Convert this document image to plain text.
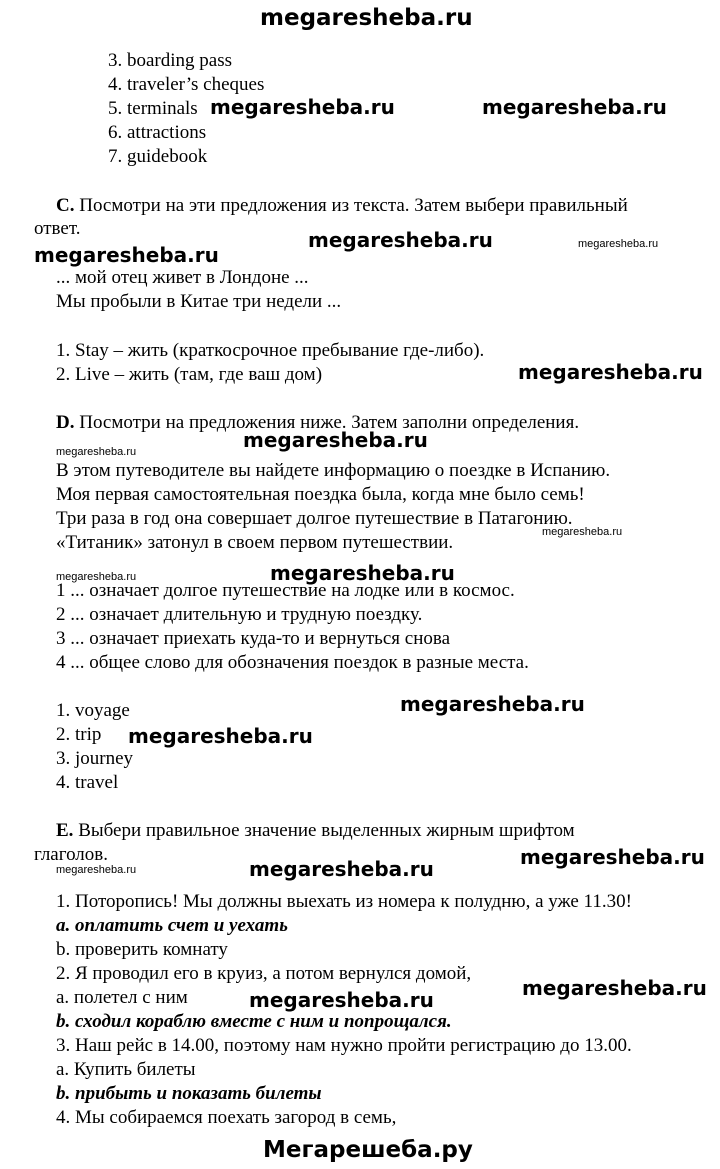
megaresheba.ru
Мегарешеба.ру
3. boarding pass
4. traveler’s cheques
5. terminals
6. attractions
7. guidebook
C. Посмотри на эти предложения из текста. Затем выбери правильный
ответ.
... мой отец живет в Лондоне ...
Мы пробыли в Китае три недели ...
1. Stay – жить (краткосрочное пребывание где-либо).
2. Live – жить (там, где ваш дом)
D. Посмотри на предложения ниже. Затем заполни определения.
В этом путеводителе вы найдете информацию о поездке в Испанию.
Моя первая самостоятельная поездка была, когда мне было семь!
Три раза в год она совершает долгое путешествие в Патагонию.
«Титаник» затонул в своем первом путешествии.
1 ... означает долгое путешествие на лодке или в космос.
2 ... означает длительную и трудную поездку.
3 ... означает приехать куда-то и вернуться снова
4 ... общее слово для обозначения поездок в разные места.
1. voyage
2. trip
3. journey
4. travel
E. Выбери правильное значение выделенных жирным шрифтом
глаголов.
1. Поторопись! Мы должны выехать из номера к полудню, а уже 11.30!
a. оплатить счет и уехать
b. проверить комнату
2. Я проводил его в круиз, а потом вернулся домой,
a. полетел с ним
b. сходил кораблю вместе с ним и попрощался.
3. Наш рейс в 14.00, поэтому нам нужно пройти регистрацию до 13.00.
a. Купить билеты
b. прибыть и показать билеты
4. Мы собираемся поехать загород в семь,
megaresheba.ru	megaresheba.ru
megaresheba.ru
megaresheba.ru
megaresheba.ru
megaresheba.ru
megaresheba.ru
megaresheba.ru
megaresheba.ru
megaresheba.ru
megaresheba.ru
megaresheba.ru
megaresheba.ru
megaresheba.ru
megaresheba.ru
megaresheba.ru
megaresheba.ru
megaresheba.ru
